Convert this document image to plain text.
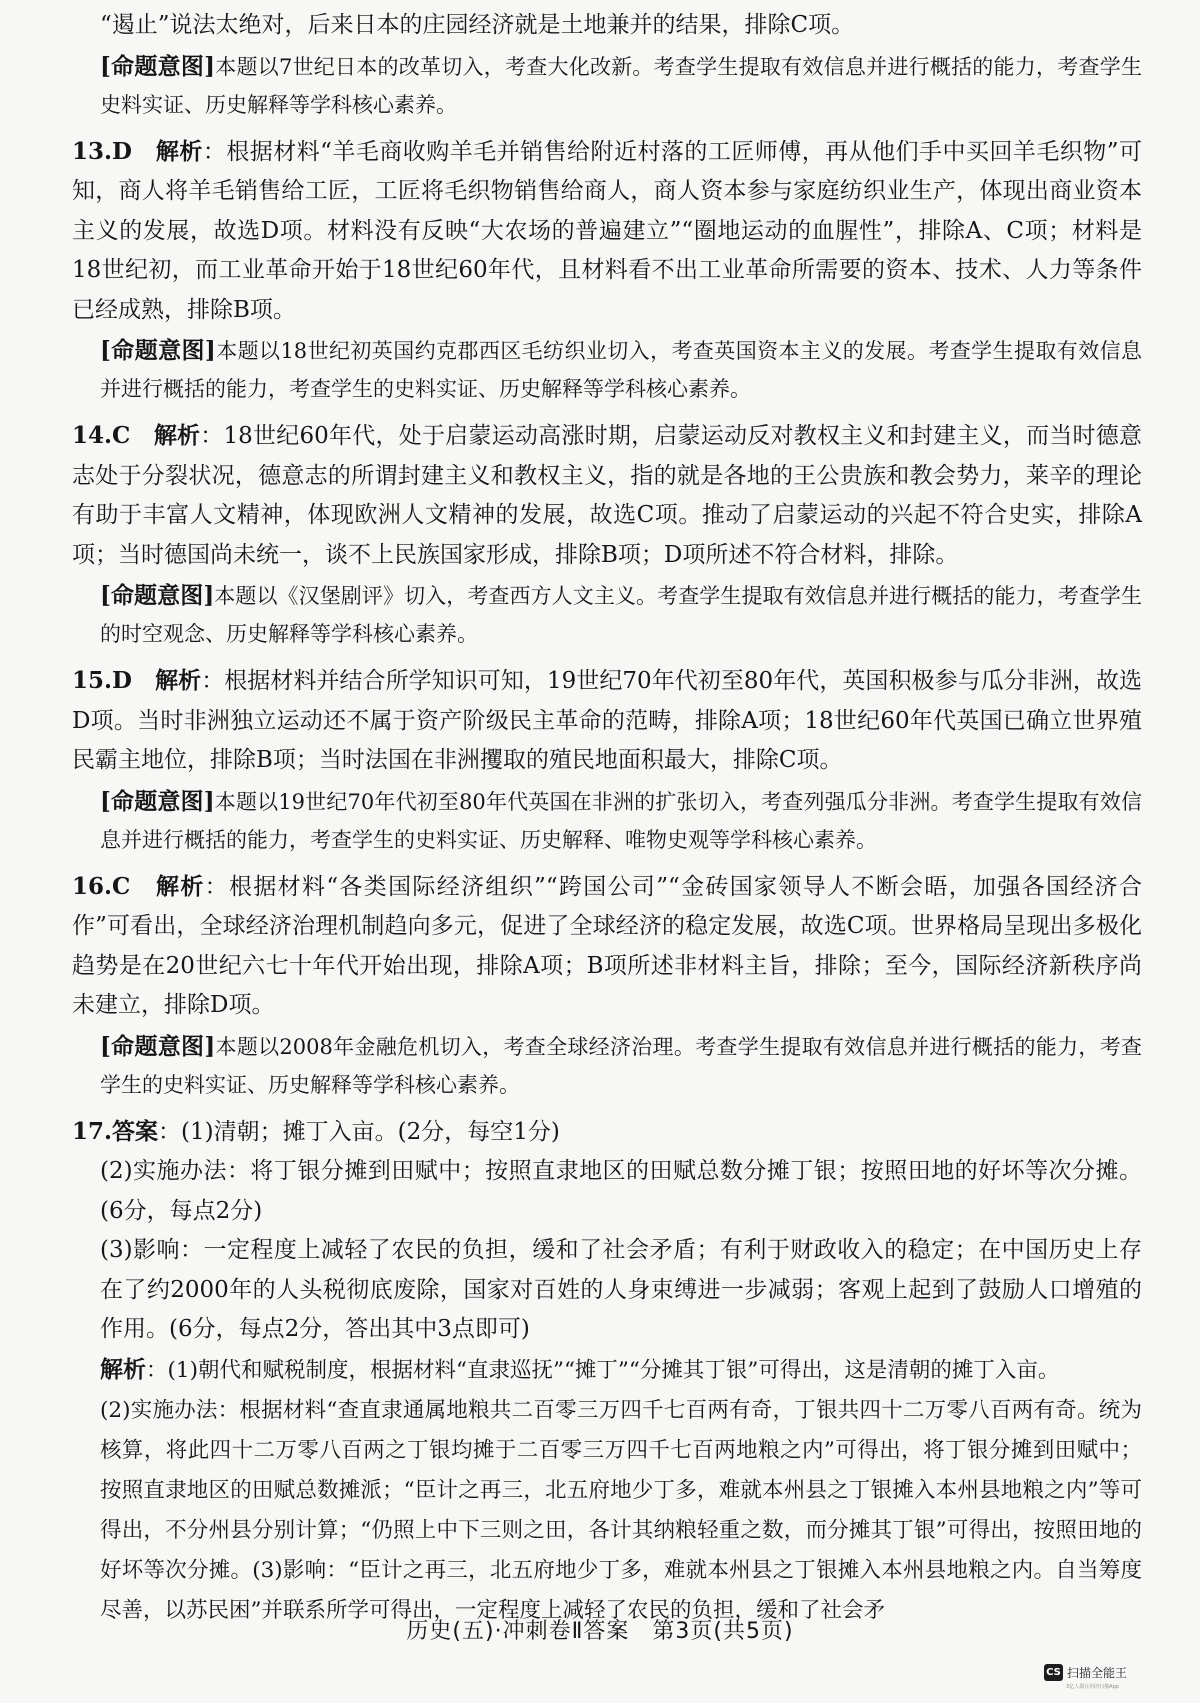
“遏止”说法太绝对，后来日本的庄园经济就是土地兼并的结果，排除C项。

[命题意图]本题以7世纪日本的改革切入，考查大化改新。考查学生提取有效信息并进行概括的能力，考查学生史料实证、历史解释等学科核心素养。

13.D　 解析：根据材料“羊毛商收购羊毛并销售给附近村落的工匠师傅，再从他们手中买回羊毛织物”可知，商人将羊毛销售给工匠，工匠将毛织物销售给商人，商人资本参与家庭纺织业生产，体现出商业资本主义的发展，故选D项。材料没有反映“大农场的普遍建立”“圈地运动的血腥性”，排除A、C项；材料是18世纪初，而工业革命开始于18世纪60年代，且材料看不出工业革命所需要的资本、技术、人力等条件已经成熟，排除B项。

[命题意图]本题以18世纪初英国约克郡西区毛纺织业切入，考查英国资本主义的发展。考查学生提取有效信息并进行概括的能力，考查学生的史料实证、历史解释等学科核心素养。

14.C　 解析：18世纪60年代，处于启蒙运动高涨时期，启蒙运动反对教权主义和封建主义，而当时德意志处于分裂状况，德意志的所谓封建主义和教权主义，指的就是各地的王公贵族和教会势力，莱辛的理论有助于丰富人文精神，体现欧洲人文精神的发展，故选C项。推动了启蒙运动的兴起不符合史实，排除A项；当时德国尚未统一，谈不上民族国家形成，排除B项；D项所述不符合材料，排除。

[命题意图]本题以《汉堡剧评》切入，考查西方人文主义。考查学生提取有效信息并进行概括的能力，考查学生的时空观念、历史解释等学科核心素养。

15.D　 解析：根据材料并结合所学知识可知，19世纪70年代初至80年代，英国积极参与瓜分非洲，故选D项。当时非洲独立运动还不属于资产阶级民主革命的范畴，排除A项；18世纪60年代英国已确立世界殖民霸主地位，排除B项；当时法国在非洲攫取的殖民地面积最大，排除C项。

[命题意图]本题以19世纪70年代初至80年代英国在非洲的扩张切入，考查列强瓜分非洲。考查学生提取有效信息并进行概括的能力，考查学生的史料实证、历史解释、唯物史观等学科核心素养。

16.C　 解析：根据材料“各类国际经济组织”“跨国公司”“金砖国家领导人不断会晤，加强各国经济合作”可看出，全球经济治理机制趋向多元，促进了全球经济的稳定发展，故选C项。世界格局呈现出多极化趋势是在20世纪六七十年代开始出现，排除A项；B项所述非材料主旨，排除；至今，国际经济新秩序尚未建立，排除D项。

[命题意图]本题以2008年金融危机切入，考查全球经济治理。考查学生提取有效信息并进行概括的能力，考查学生的史料实证、历史解释等学科核心素养。

17.答案：(1)清朝；摊丁入亩。(2分，每空1分)

(2)实施办法：将丁银分摊到田赋中；按照直隶地区的田赋总数分摊丁银；按照田地的好坏等次分摊。(6分，每点2分)

(3)影响：一定程度上减轻了农民的负担，缓和了社会矛盾；有利于财政收入的稳定；在中国历史上存在了约2000年的人头税彻底废除，国家对百姓的人身束缚进一步减弱；客观上起到了鼓励人口增殖的作用。(6分，每点2分，答出其中3点即可)

解析：(1)朝代和赋税制度，根据材料“直隶巡抚”“摊丁”“分摊其丁银”可得出，这是清朝的摊丁入亩。

(2)实施办法：根据材料“查直隶通属地粮共二百零三万四千七百两有奇，丁银共四十二万零八百两有奇。统为核算，将此四十二万零八百两之丁银均摊于二百零三万四千七百两地粮之内”可得出，将丁银分摊到田赋中；按照直隶地区的田赋总数摊派；“臣计之再三，北五府地少丁多，难就本州县之丁银摊入本州县地粮之内”等可得出，不分州县分别计算；“仍照上中下三则之田，各计其纳粮轻重之数，而分摊其丁银”可得出，按照田地的好坏等次分摊。(3)影响：“臣计之再三，北五府地少丁多，难就本州县之丁银摊入本州县地粮之内。自当筹度尽善，以苏民困”并联系所学可得出，一定程度上减轻了农民的负担，缓和了社会矛

历史(五)·冲刺卷Ⅱ答案　第3页(共5页)
CS 扫描全能王
3亿人都在用的扫描App
